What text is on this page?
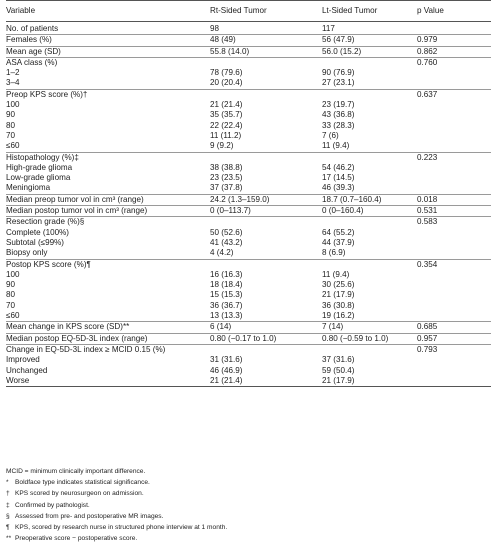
Variable	Rt-Sided Tumor	Lt-Sided Tumor	p Value
No. of patients	98	117	
Females (%)	48 (49)	56 (47.9)	0.979
Mean age (SD)	55.8 (14.0)	56.0 (15.2)	0.862
ASA class (%)			0.760
1–2	78 (79.6)	90 (76.9)	
3–4	20 (20.4)	27 (23.1)	
Preop KPS score (%)†			0.637
100	21 (21.4)	23 (19.7)	
90	35 (35.7)	43 (36.8)	
80	22 (22.4)	33 (28.3)	
70	11 (11.2)	7 (6)	
≤60	9 (9.2)	11 (9.4)	
Histopathology (%)‡			0.223
High-grade glioma	38 (38.8)	54 (46.2)	
Low-grade glioma	23 (23.5)	17 (14.5)	
Meningioma	37 (37.8)	46 (39.3)	
Median preop tumor vol in cm³ (range)	24.2 (1.3–159.0)	18.7 (0.7–160.4)	0.018
Median postop tumor vol in cm³ (range)	0 (0–113.7)	0 (0–160.4)	0.531
Resection grade (%)§			0.583
Complete (100%)	50 (52.6)	64 (55.2)	
Subtotal (≤99%)	41 (43.2)	44 (37.9)	
Biopsy only	4 (4.2)	8 (6.9)	
Postop KPS score (%)¶			0.354
100	16 (16.3)	11 (9.4)	
90	18 (18.4)	30 (25.6)	
80	15 (15.3)	21 (17.9)	
70	36 (36.7)	36 (30.8)	
≤60	13 (13.3)	19 (16.2)	
Mean change in KPS score (SD)**	6 (14)	7 (14)	0.685
Median postop EQ-5D-3L index (range)	0.80 (−0.17 to 1.0)	0.80 (−0.59 to 1.0)	0.957
Change in EQ-5D-3L index ≥ MCID 0.15 (%)			0.793
Improved	31 (31.6)	37 (31.6)	
Unchanged	46 (46.9)	59 (50.4)	
Worse	21 (21.4)	21 (17.9)	
MCID = minimum clinically important difference.
* Boldface type indicates statistical significance.
† KPS scored by neurosurgeon on admission.
‡ Confirmed by pathologist.
§ Assessed from pre- and postoperative MR images.
¶ KPS, scored by research nurse in structured phone interview at 1 month.
** Preoperative score − postoperative score.
